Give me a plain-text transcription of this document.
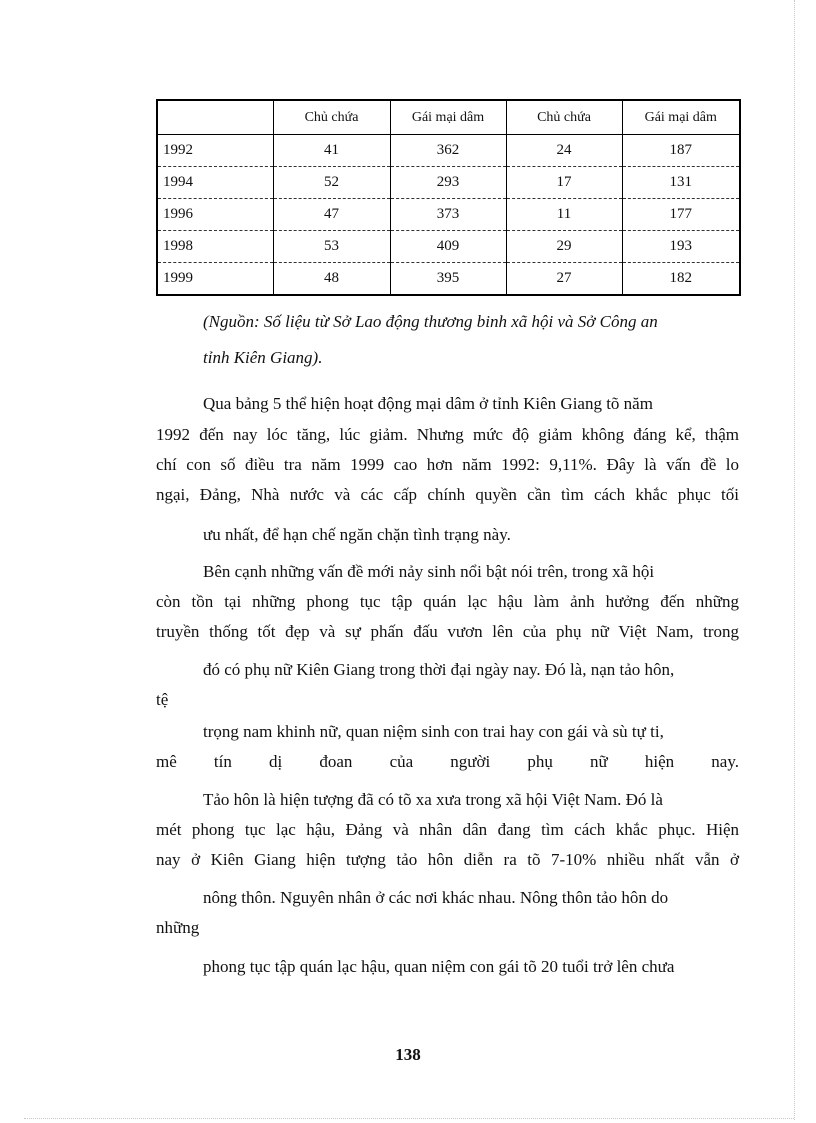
	Chủ chứa	Gái mại dâm	Chủ chứa	Gái mại dâm
1992	41	362	24	187
1994	52	293	17	131
1996	47	373	11	177
1998	53	409	29	193
1999	48	395	27	182
(Nguồn: Số liệu từ Sở Lao động thương binh xã hội và Sở Công an
tỉnh Kiên Giang).
Qua bảng 5 thể hiện hoạt động mại dâm ở tỉnh Kiên Giang tõ năm
1992 đến nay lóc tăng, lúc giảm. Nhưng mức độ giảm không đáng kể, thậm
chí con số điều tra năm 1999 cao hơn năm 1992: 9,11%. Đây là vấn đề lo
ngại, Đảng, Nhà nước và các cấp chính quyền cần tìm cách khắc phục tối
ưu nhất, để hạn chế ngăn chặn tình trạng này.
Bên cạnh những vấn đề mới nảy sinh nổi bật nói trên, trong xã hội
còn tồn tại những phong tục tập quán lạc hậu làm ảnh hưởng đến những
truyền thống tốt đẹp và sự phấn đấu vươn lên của phụ nữ Việt Nam, trong
đó có phụ nữ Kiên Giang trong thời đại ngày nay. Đó là, nạn tảo hôn,
tệ
trọng nam khinh nữ, quan niệm sinh con trai hay con gái và sù tự ti,
mê tín dị đoan của người phụ nữ hiện nay.
Tảo hôn là hiện tượng đã có tõ xa xưa trong xã hội Việt Nam. Đó là
mét phong tục lạc hậu, Đảng và nhân dân đang tìm cách khắc phục. Hiện
nay ở Kiên Giang hiện tượng tảo hôn diễn ra tõ 7-10% nhiều nhất vẫn ở
nông thôn. Nguyên nhân ở các nơi khác nhau. Nông thôn tảo hôn do
những
phong tục tập quán lạc hậu, quan niệm con gái tõ 20 tuổi trở lên chưa
138
